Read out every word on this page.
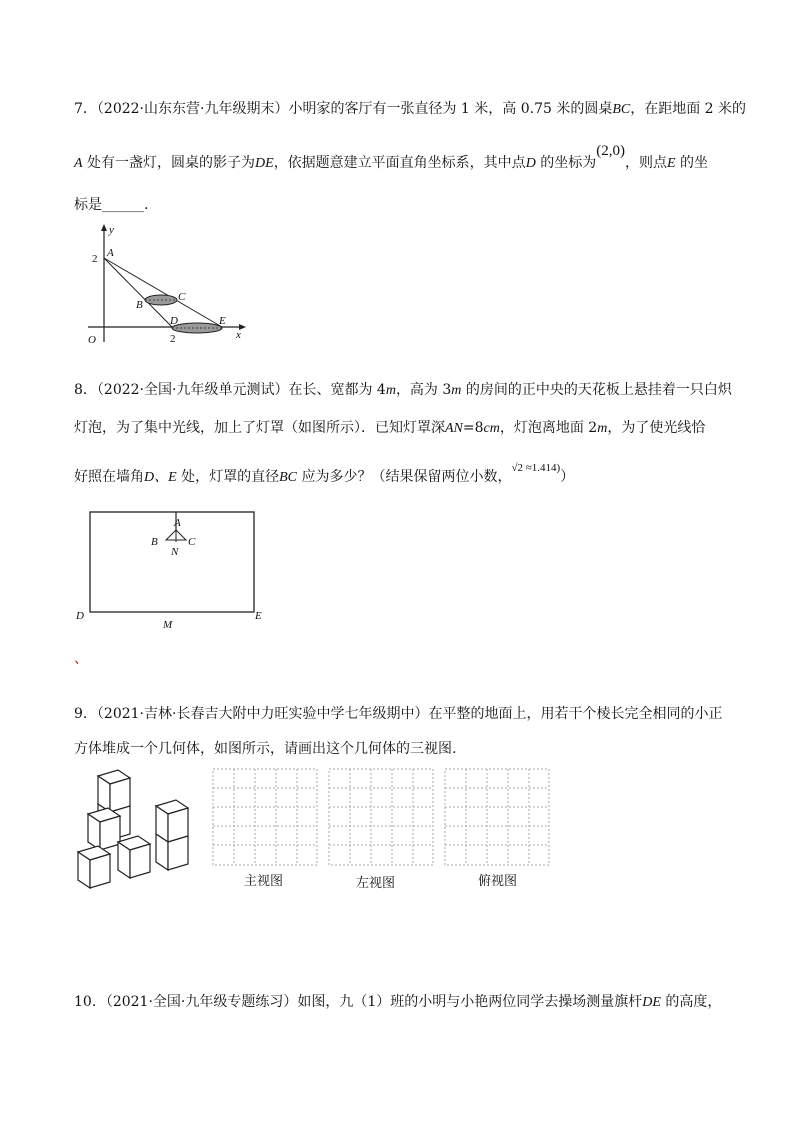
7．（2022·山东东营·九年级期末）小明家的客厅有一张直径为 1 米，高 0.75 米的圆桌BC，在距地面 2 米的
A 处有一盏灯，圆桌的影子为DE，依据题意建立平面直角坐标系，其中点D 的坐标为(2,0)，则点E 的坐
标是______.
y
A
2
C
B
D	E
x
O	2
8．（2022·全国·九年级单元测试）在长、宽都为 4m，高为 3m 的房间的正中央的天花板上悬挂着一只白炽
灯泡，为了集中光线，加上了灯罩（如图所示）．已知灯罩深AN=8cm，灯泡离地面 2m，为了使光线恰
好照在墙角D、E 处，灯罩的直径BC 应为多少？（结果保留两位小数，$^{√2 \approx 1.414)}$）
A
B	C
N
D
M
E
、
9．（2021·吉林·长春吉大附中力旺实验中学七年级期中）在平整的地面上，用若干个棱长完全相同的小正
方体堆成一个几何体，如图所示，请画出这个几何体的三视图.
主视图	左视图	俯视图
10．（2021·全国·九年级专题练习）如图，九（1）班的小明与小艳两位同学去操场测量旗杆DE 的高度，
